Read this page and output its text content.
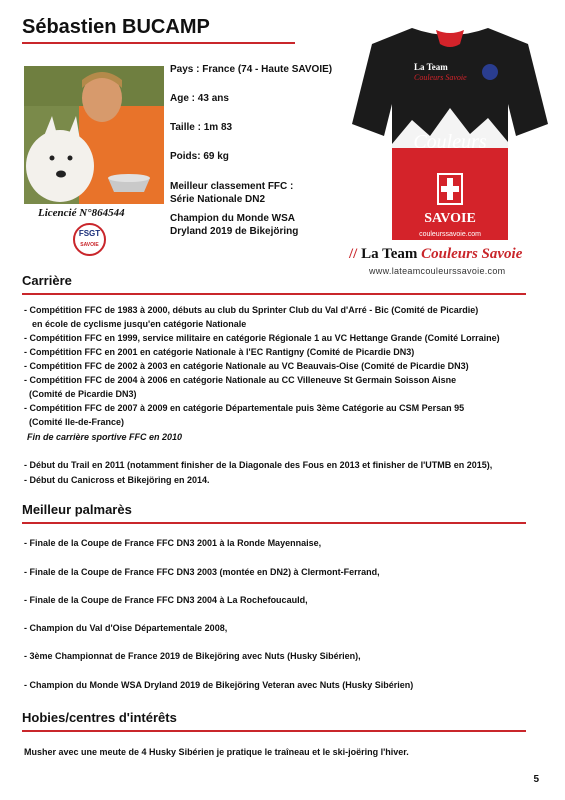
Sébastien BUCAMP
Licencié N°864544
FSGT
SAVOIE
Pays : France (74 - Haute SAVOIE)
Age : 43 ans
Taille : 1m 83
Poids: 69 kg
Meilleur classement FFC :
Série Nationale DN2
Champion du Monde WSA
Dryland 2019 de Bikejöring
Couleurs
SAVOIE
couleurssavoie.com
La Team
Couleurs Savoie
// La Team Couleurs Savoie
www.lateamcouleurssavoie.com
Carrière
- Compétition FFC de 1983 à 2000, débuts au club du Sprinter Club du Val d'Arré - Bic (Comité de Picardie)
en école de cyclisme jusqu'en catégorie Nationale
- Compétition FFC en 1999, service militaire en catégorie Régionale 1 au VC Hettange Grande (Comité Lorraine)
- Compétition FFC en 2001 en catégorie Nationale à l'EC Rantigny (Comité de Picardie DN3)
- Compétition FFC de 2002 à 2003 en catégorie Nationale au VC Beauvais-Oise (Comité de Picardie DN3)
- Compétition FFC de 2004 à 2006 en catégorie Nationale au CC Villeneuve St Germain Soisson Aisne
(Comité de Picardie DN3)
- Compétition FFC de 2007 à 2009 en catégorie Départementale puis 3ème Catégorie au CSM Persan 95
(Comité Ile-de-France)
Fin de carrière sportive FFC en 2010
- Début du Trail en 2011 (notamment finisher de la Diagonale des Fous en 2013 et finisher de l'UTMB en 2015),
- Début du Canicross et Bikejöring en 2014.
Meilleur palmarès
- Finale de la Coupe de France FFC DN3 2001 à la Ronde Mayennaise,
- Finale de la Coupe de France FFC DN3 2003 (montée en DN2) à Clermont-Ferrand,
- Finale de la Coupe de France FFC DN3 2004 à La Rochefoucauld,
- Champion du Val d'Oise Départementale 2008,
- 3ème Championnat de France 2019 de Bikejöring avec Nuts (Husky Sibérien),
- Champion du Monde WSA Dryland 2019 de Bikejöring Veteran avec Nuts (Husky Sibérien)
Hobies/centres d'intérêts
Musher avec une meute de 4 Husky Sibérien je pratique le traîneau et le ski-joëring l'hiver.
5
